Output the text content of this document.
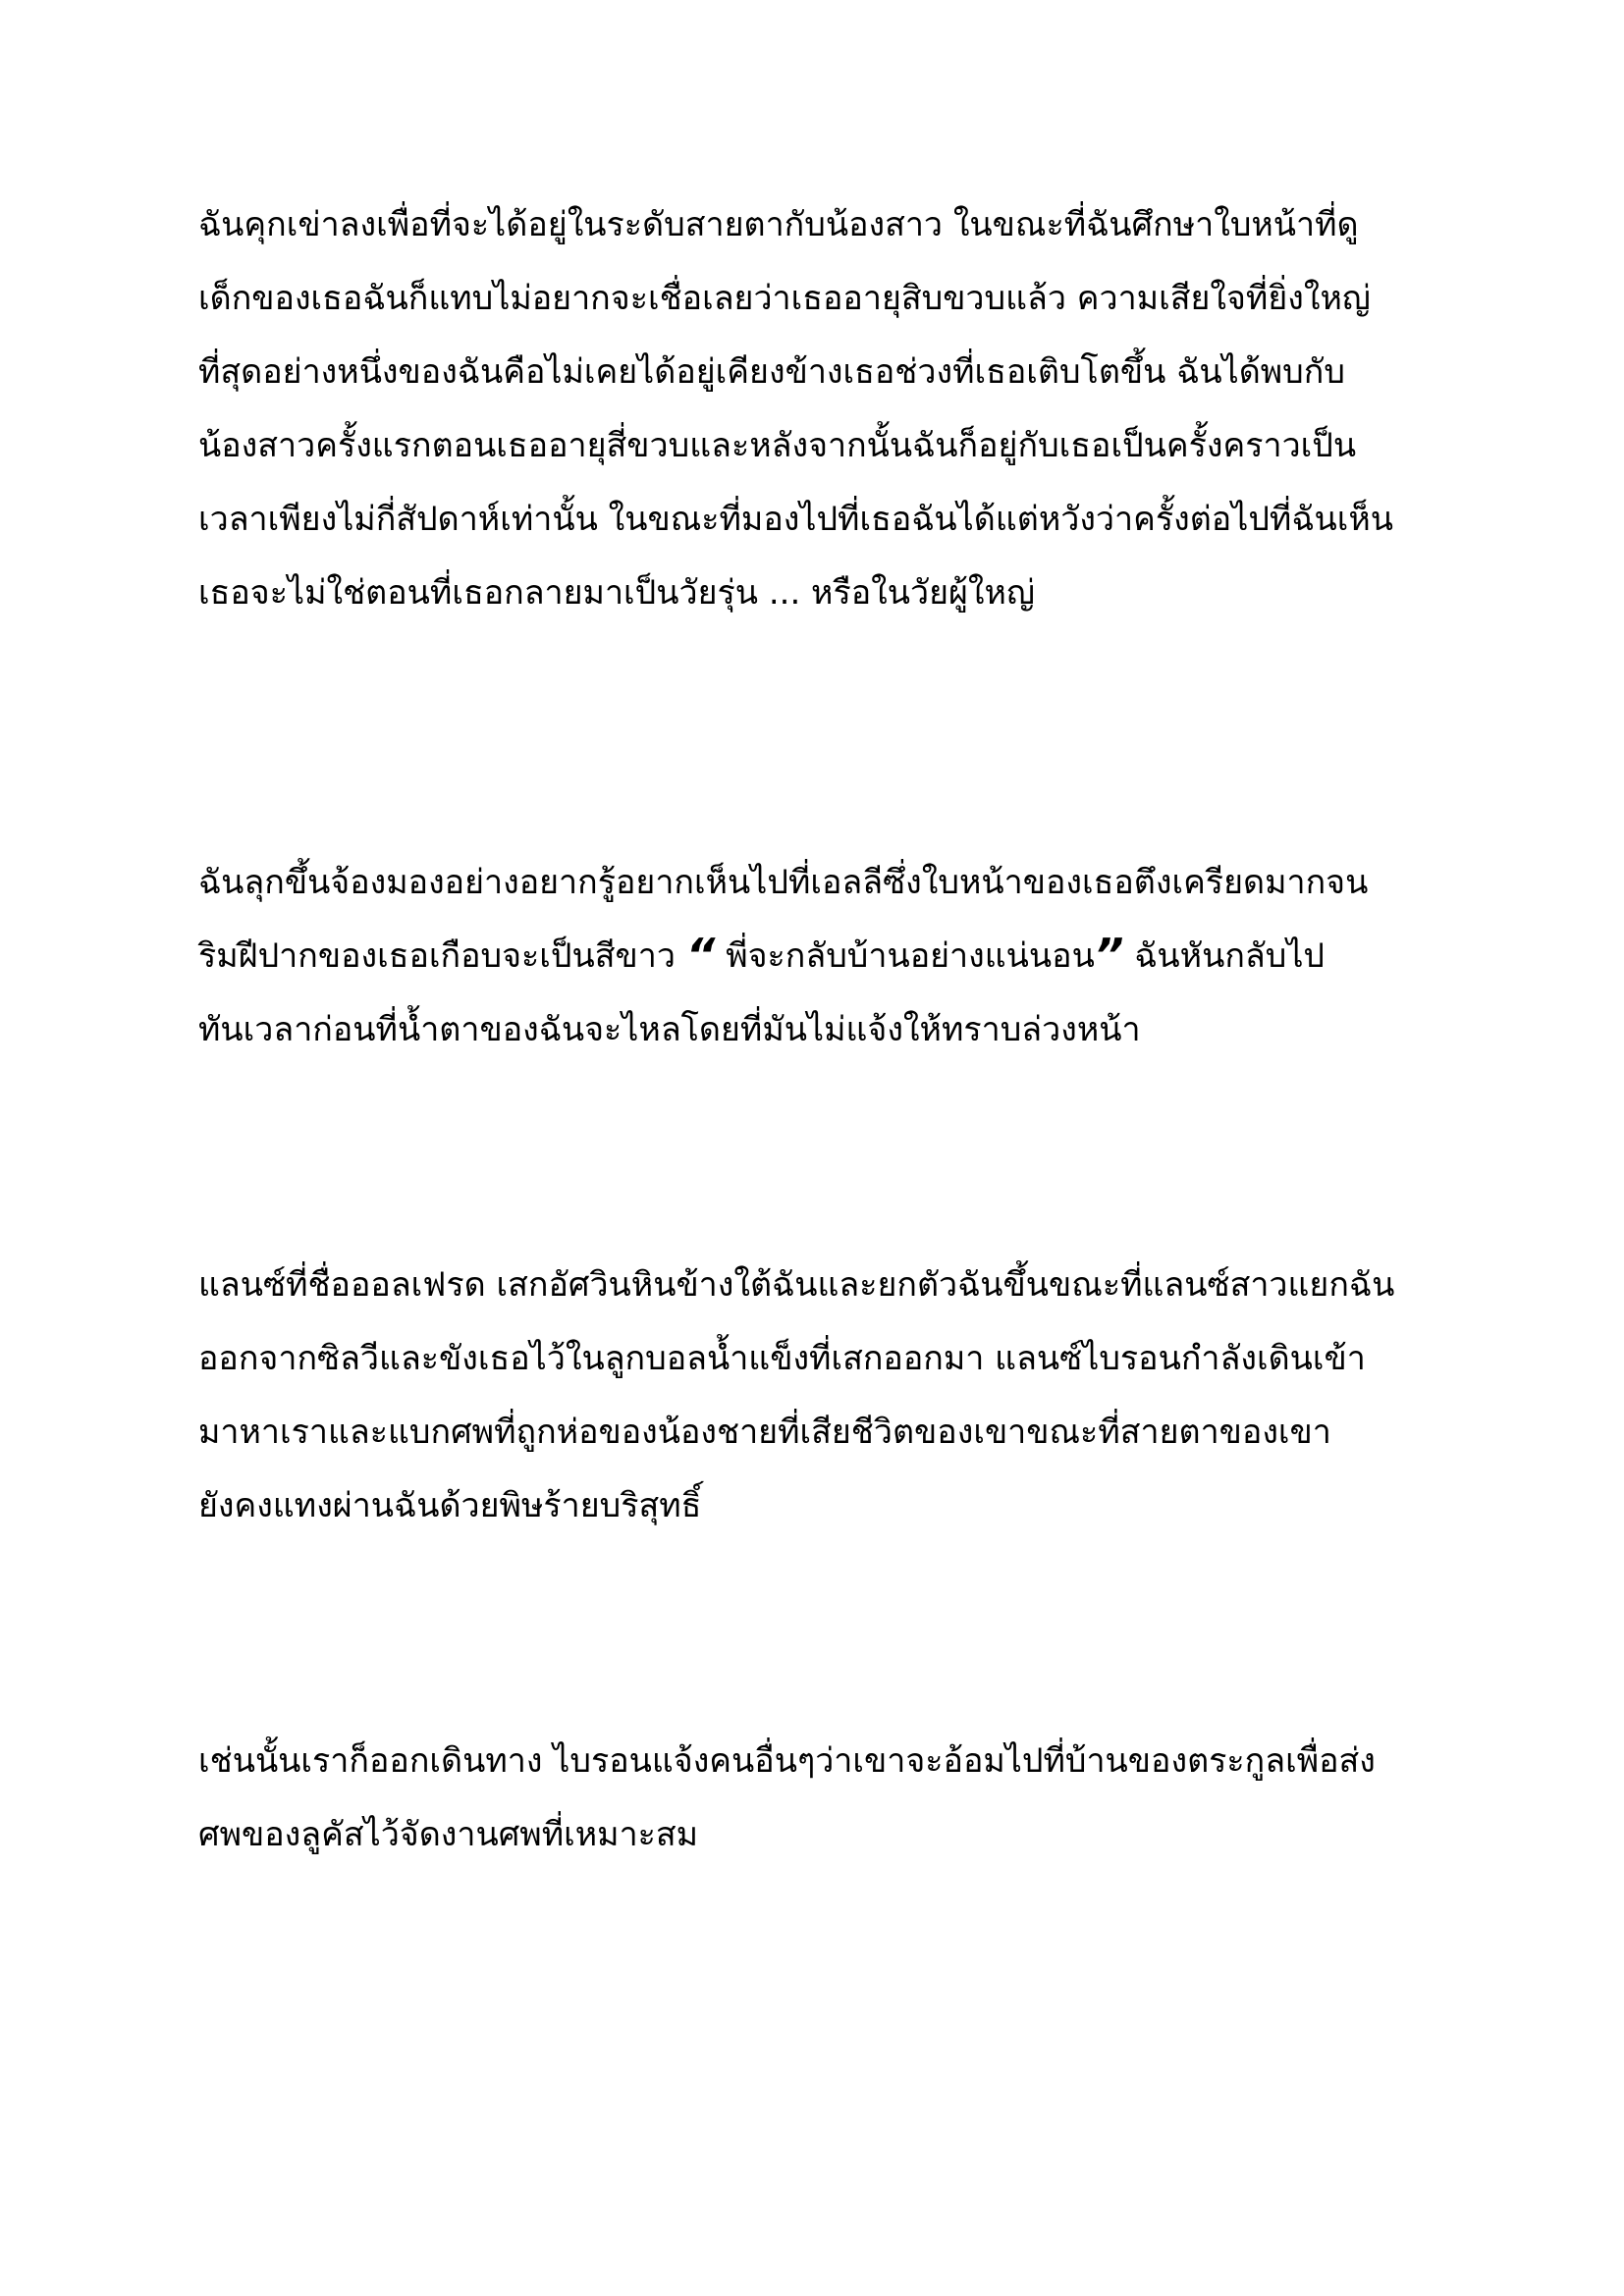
ฉันคุกเข่าลงเพื่อที่จะได้อยู่ในระดับสายตากับน้องสาว ในขณะที่ฉันศึกษาใบหน้าที่ดู
เด็กของเธอฉันก็แทบไม่อยากจะเชื่อเลยว่าเธออายุสิบขวบแล้ว ความเสียใจที่ยิ่งใหญ่
ที่สุดอย่างหนึ่งของฉันคือไม่เคยได้อยู่เคียงข้างเธอช่วงที่เธอเติบโตขึ้น ฉันได้พบกับ
น้องสาวครั้งแรกตอนเธออายุสี่ขวบและหลังจากนั้นฉันก็อยู่กับเธอเป็นครั้งคราวเป็น
เวลาเพียงไม่กี่สัปดาห์เท่านั้น ในขณะที่มองไปที่เธอฉันได้แต่หวังว่าครั้งต่อไปที่ฉันเห็น
เธอจะไม่ใช่ตอนที่เธอกลายมาเป็นวัยรุ่น ... หรือในวัยผู้ใหญ่
ฉันลุกขึ้นจ้องมองอย่างอยากรู้อยากเห็นไปที่เอลลีซึ่งใบหน้าของเธอตึงเครียดมากจน
ริมฝีปากของเธอเกือบจะเป็นสีขาว “ พี่จะกลับบ้านอย่างแน่นอน” ฉันหันกลับไป
ทันเวลาก่อนที่น้ำตาของฉันจะไหลโดยที่มันไม่แจ้งให้ทราบล่วงหน้า
แลนซ์ที่ชื่อออลเฟรด เสกอัศวินหินข้างใต้ฉันและยกตัวฉันขึ้นขณะที่แลนซ์สาวแยกฉัน
ออกจากซิลวีและขังเธอไว้ในลูกบอลน้ำแข็งที่เสกออกมา แลนซ์ไบรอนกำลังเดินเข้า
มาหาเราและแบกศพที่ถูกห่อของน้องชายที่เสียชีวิตของเขาขณะที่สายตาของเขา
ยังคงแทงผ่านฉันด้วยพิษร้ายบริสุทธิ์
เช่นนั้นเราก็ออกเดินทาง ไบรอนแจ้งคนอื่นๆว่าเขาจะอ้อมไปที่บ้านของตระกูลเพื่อส่ง
ศพของลูคัสไว้จัดงานศพที่เหมาะสม
